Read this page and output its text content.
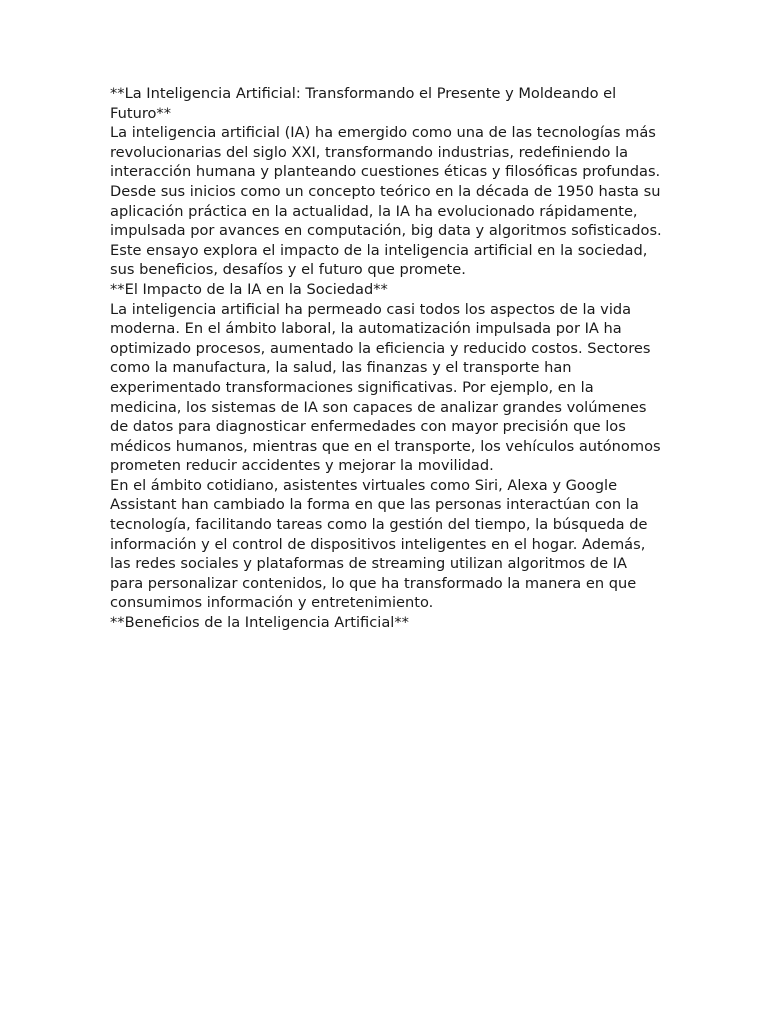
**La Inteligencia Artificial: Transformando el Presente y Moldeando el Futuro**

La inteligencia artificial (IA) ha emergido como una de las tecnologías más revolucionarias del siglo XXI, transformando industrias, redefiniendo la interacción humana y planteando cuestiones éticas y filosóficas profundas. Desde sus inicios como un concepto teórico en la década de 1950 hasta su aplicación práctica en la actualidad, la IA ha evolucionado rápidamente, impulsada por avances en computación, big data y algoritmos sofisticados. Este ensayo explora el impacto de la inteligencia artificial en la sociedad, sus beneficios, desafíos y el futuro que promete.

**El Impacto de la IA en la Sociedad**

La inteligencia artificial ha permeado casi todos los aspectos de la vida moderna. En el ámbito laboral, la automatización impulsada por IA ha optimizado procesos, aumentado la eficiencia y reducido costos. Sectores como la manufactura, la salud, las finanzas y el transporte han experimentado transformaciones significativas. Por ejemplo, en la medicina, los sistemas de IA son capaces de analizar grandes volúmenes de datos para diagnosticar enfermedades con mayor precisión que los médicos humanos, mientras que en el transporte, los vehículos autónomos prometen reducir accidentes y mejorar la movilidad.

En el ámbito cotidiano, asistentes virtuales como Siri, Alexa y Google Assistant han cambiado la forma en que las personas interactúan con la tecnología, facilitando tareas como la gestión del tiempo, la búsqueda de información y el control de dispositivos inteligentes en el hogar. Además, las redes sociales y plataformas de streaming utilizan algoritmos de IA para personalizar contenidos, lo que ha transformado la manera en que consumimos información y entretenimiento.

**Beneficios de la Inteligencia Artificial**
